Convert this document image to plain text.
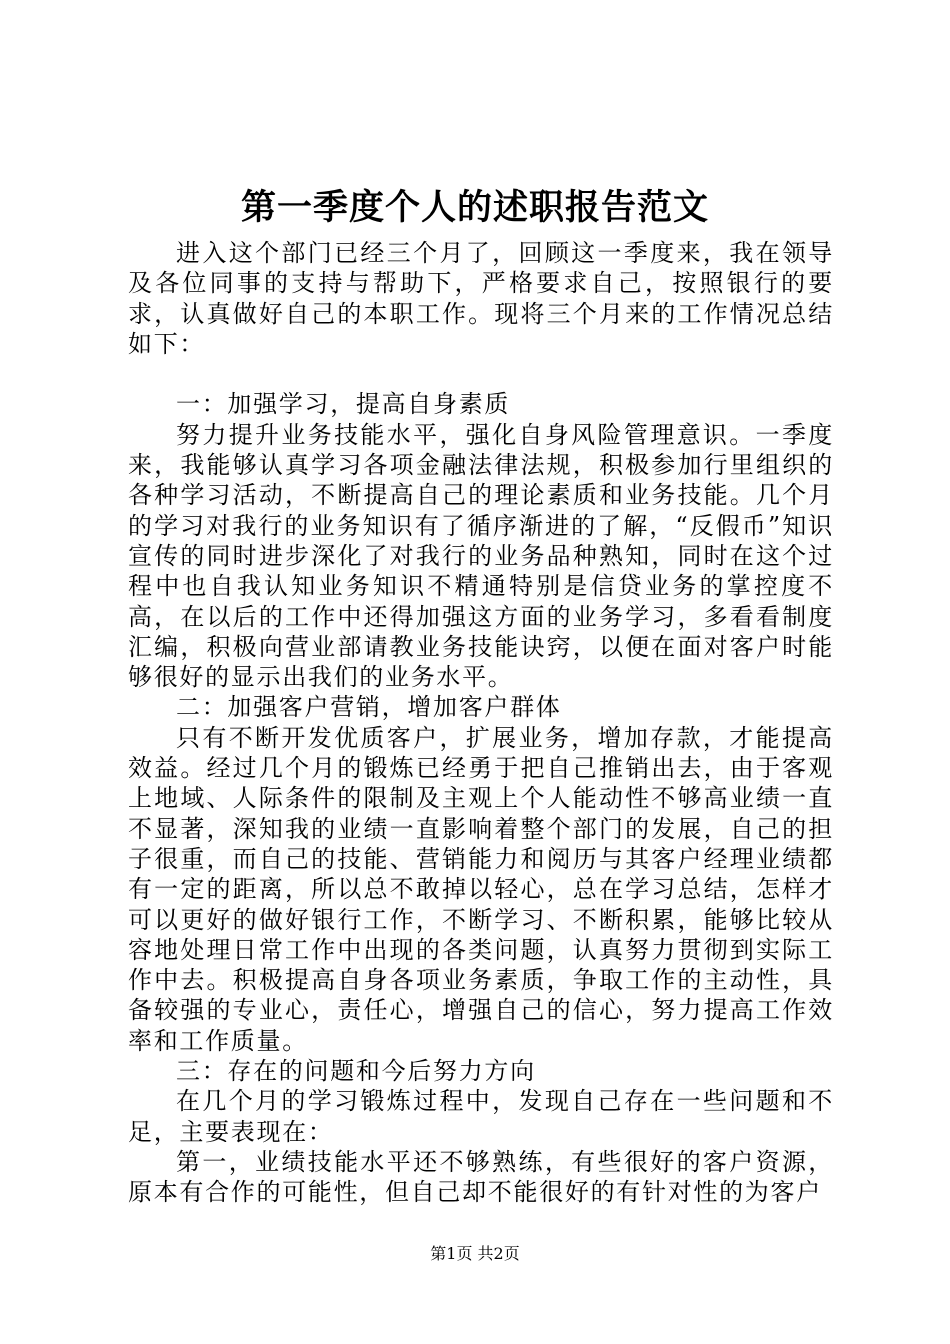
第一季度个人的述职报告范文

进入这个部门已经三个月了，回顾这一季度来，我在领导及各位同事的支持与帮助下，严格要求自己，按照银行的要求，认真做好自己的本职工作。现将三个月来的工作情况总结如下：

一：加强学习，提高自身素质

努力提升业务技能水平，强化自身风险管理意识。一季度来，我能够认真学习各项金融法律法规，积极参加行里组织的各种学习活动，不断提高自己的理论素质和业务技能。几个月的学习对我行的业务知识有了循序渐进的了解，“反假币”知识宣传的同时进步深化了对我行的业务品种熟知，同时在这个过程中也自我认知业务知识不精通特别是信贷业务的掌控度不高，在以后的工作中还得加强这方面的业务学习，多看看制度汇编，积极向营业部请教业务技能诀窍，以便在面对客户时能够很好的显示出我们的业务水平。

二：加强客户营销，增加客户群体

只有不断开发优质客户，扩展业务，增加存款，才能提高效益。经过几个月的锻炼已经勇于把自己推销出去，由于客观上地域、人际条件的限制及主观上个人能动性不够高业绩一直不显著，深知我的业绩一直影响着整个部门的发展，自己的担子很重，而自己的技能、营销能力和阅历与其客户经理业绩都有一定的距离，所以总不敢掉以轻心，总在学习总结，怎样才可以更好的做好银行工作，不断学习、不断积累，能够比较从容地处理日常工作中出现的各类问题，认真努力贯彻到实际工作中去。积极提高自身各项业务素质，争取工作的主动性，具备较强的专业心，责任心，增强自己的信心，努力提高工作效率和工作质量。

三：存在的问题和今后努力方向

在几个月的学习锻炼过程中，发现自己存在一些问题和不足，主要表现在：

第一，业绩技能水平还不够熟练，有些很好的客户资源，原本有合作的可能性，但自己却不能很好的有针对性的为客户

第1页 共2页
